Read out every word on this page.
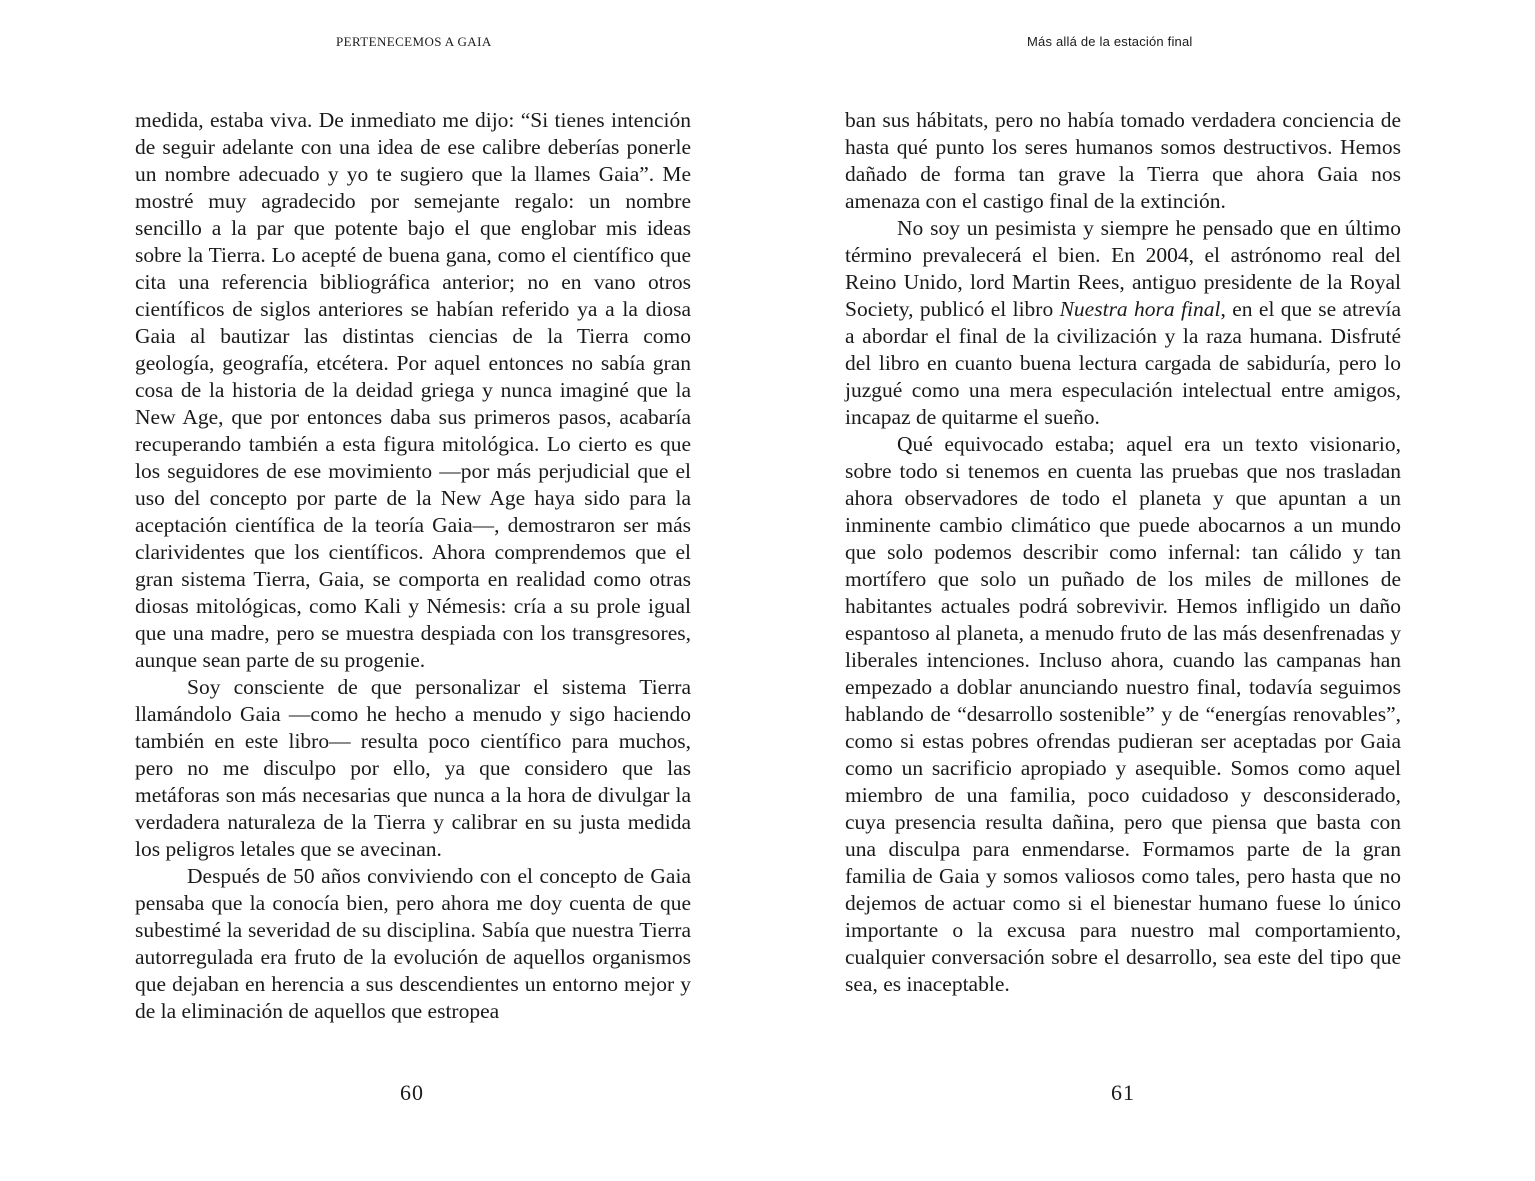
PERTENECEMOS A GAIA

medida, estaba viva. De inmediato me dijo: “Si tienes intención de seguir adelante con una idea de ese calibre deberías ponerle un nombre adecuado y yo te sugiero que la llames Gaia”. Me mostré muy agradecido por semejante regalo: un nombre sencillo a la par que potente bajo el que englobar mis ideas sobre la Tierra. Lo acepté de buena gana, como el científico que cita una referencia bibliográfica anterior; no en vano otros científicos de siglos anteriores se habían referido ya a la diosa Gaia al bautizar las distintas ciencias de la Tierra como geología, geografía, etcétera. Por aquel entonces no sabía gran cosa de la historia de la deidad griega y nunca imaginé que la New Age, que por entonces daba sus primeros pasos, acabaría recuperando también a esta figura mitológica. Lo cierto es que los seguidores de ese movimiento —por más perjudicial que el uso del concepto por parte de la New Age haya sido para la aceptación científica de la teoría Gaia—, demostraron ser más clarividentes que los científicos. Ahora comprendemos que el gran sistema Tierra, Gaia, se comporta en realidad como otras diosas mitológicas, como Kali y Némesis: cría a su prole igual que una madre, pero se muestra despiada con los transgresores, aunque sean parte de su progenie.

Soy consciente de que personalizar el sistema Tierra llamándolo Gaia —como he hecho a menudo y sigo haciendo también en este libro— resulta poco científico para muchos, pero no me disculpo por ello, ya que considero que las metáforas son más necesarias que nunca a la hora de divulgar la verdadera naturaleza de la Tierra y calibrar en su justa medida los peligros letales que se avecinan.

Después de 50 años conviviendo con el concepto de Gaia pensaba que la conocía bien, pero ahora me doy cuenta de que subestimé la severidad de su disciplina. Sabía que nuestra Tierra autorregulada era fruto de la evolución de aquellos organismos que dejaban en herencia a sus descendientes un entorno mejor y de la eliminación de aquellos que estropea

60

Más allá de la estación final

ban sus hábitats, pero no había tomado verdadera conciencia de hasta qué punto los seres humanos somos destructivos. Hemos dañado de forma tan grave la Tierra que ahora Gaia nos amenaza con el castigo final de la extinción.

No soy un pesimista y siempre he pensado que en último término prevalecerá el bien. En 2004, el astrónomo real del Reino Unido, lord Martin Rees, antiguo presidente de la Royal Society, publicó el libro Nuestra hora final, en el que se atrevía a abordar el final de la civilización y la raza humana. Disfruté del libro en cuanto buena lectura cargada de sabiduría, pero lo juzgué como una mera especulación intelectual entre amigos, incapaz de quitarme el sueño.

Qué equivocado estaba; aquel era un texto visionario, sobre todo si tenemos en cuenta las pruebas que nos trasladan ahora observadores de todo el planeta y que apuntan a un inminente cambio climático que puede abocarnos a un mundo que solo podemos describir como infernal: tan cálido y tan mortífero que solo un puñado de los miles de millones de habitantes actuales podrá sobrevivir. Hemos infligido un daño espantoso al planeta, a menudo fruto de las más desenfrenadas y liberales intenciones. Incluso ahora, cuando las campanas han empezado a doblar anunciando nuestro final, todavía seguimos hablando de “desarrollo sostenible” y de “energías renovables”, como si estas pobres ofrendas pudieran ser aceptadas por Gaia como un sacrificio apropiado y asequible. Somos como aquel miembro de una familia, poco cuidadoso y desconsiderado, cuya presencia resulta dañina, pero que piensa que basta con una disculpa para enmendarse. Formamos parte de la gran familia de Gaia y somos valiosos como tales, pero hasta que no dejemos de actuar como si el bienestar humano fuese lo único importante o la excusa para nuestro mal comportamiento, cualquier conversación sobre el desarrollo, sea este del tipo que sea, es inaceptable.

61
